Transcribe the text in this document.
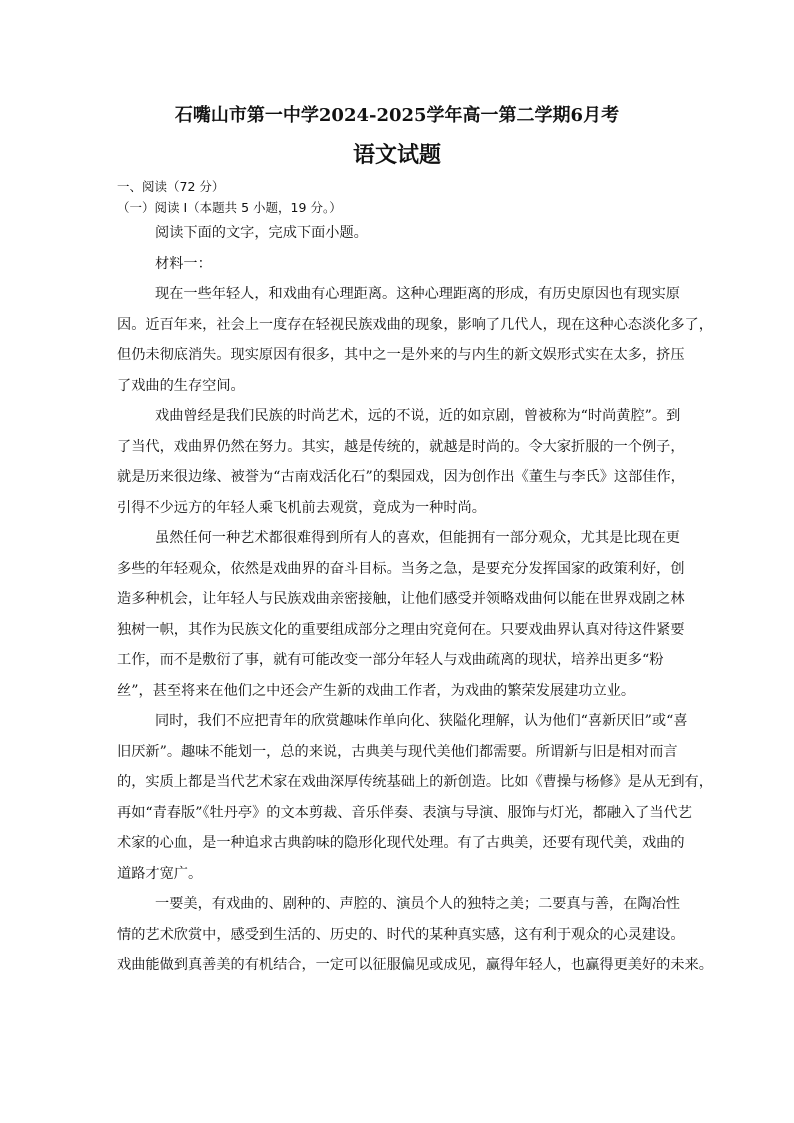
石嘴山市第一中学2024-2025学年高一第二学期6月考
语文试题
一、阅读（72 分）
（一）阅读 I（本题共 5 小题，19 分。）
阅读下面的文字，完成下面小题。
材料一：
现在一些年轻人，和戏曲有心理距离。这种心理距离的形成，有历史原因也有现实原
因。近百年来，社会上一度存在轻视民族戏曲的现象，影响了几代人，现在这种心态淡化多了，
但仍未彻底消失。现实原因有很多，其中之一是外来的与内生的新文娱形式实在太多，挤压
了戏曲的生存空间。
戏曲曾经是我们民族的时尚艺术，远的不说，近的如京剧，曾被称为“时尚黄腔”。到
了当代，戏曲界仍然在努力。其实，越是传统的，就越是时尚的。令大家折服的一个例子，
就是历来很边缘、被誉为“古南戏活化石”的梨园戏，因为创作出《董生与李氏》这部佳作，
引得不少远方的年轻人乘飞机前去观赏，竟成为一种时尚。
虽然任何一种艺术都很难得到所有人的喜欢，但能拥有一部分观众，尤其是比现在更
多些的年轻观众，依然是戏曲界的奋斗目标。当务之急，是要充分发挥国家的政策利好，创
造多种机会，让年轻人与民族戏曲亲密接触，让他们感受并领略戏曲何以能在世界戏剧之林
独树一帜，其作为民族文化的重要组成部分之理由究竟何在。只要戏曲界认真对待这件紧要
工作，而不是敷衍了事，就有可能改变一部分年轻人与戏曲疏离的现状，培养出更多“粉
丝”，甚至将来在他们之中还会产生新的戏曲工作者，为戏曲的繁荣发展建功立业。
同时，我们不应把青年的欣赏趣味作单向化、狭隘化理解，认为他们“喜新厌旧”或“喜
旧厌新”。趣味不能划一，总的来说，古典美与现代美他们都需要。所谓新与旧是相对而言
的，实质上都是当代艺术家在戏曲深厚传统基础上的新创造。比如《曹操与杨修》是从无到有，
再如“青春版”《牡丹亭》的文本剪裁、音乐伴奏、表演与导演、服饰与灯光，都融入了当代艺
术家的心血，是一种追求古典韵味的隐形化现代处理。有了古典美，还要有现代美，戏曲的
道路才宽广。
一要美，有戏曲的、剧种的、声腔的、演员个人的独特之美；二要真与善，在陶冶性
情的艺术欣赏中，感受到生活的、历史的、时代的某种真实感，这有利于观众的心灵建设。
戏曲能做到真善美的有机结合，一定可以征服偏见或成见，赢得年轻人，也赢得更美好的未来。
